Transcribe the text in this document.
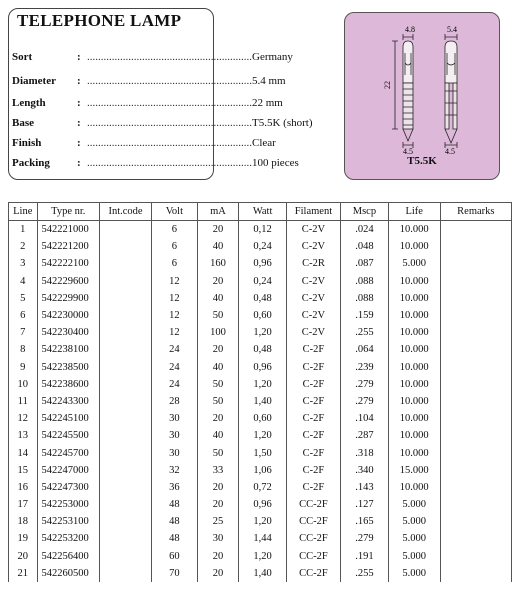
TELEPHONE LAMP
Sort	: ............................................................Germany
Diameter : ............................................................5.4 mm
Length	: ............................................................22 mm
Base	: ............................................................T5.5K (short)
Finish	: ............................................................Clear
Packing : ............................................................100 pieces
4.8	5.4
22
4.5	4.5
T5.5K
Line	Type nr.	Int.code	Volt	mA	Watt	Filament	Mscp	Life	Remarks
1	542221000		6	20	0,12	C-2V	.024	10.000	
2	542221200		6	40	0,24	C-2V	.048	10.000	
3	542222100		6	160	0,96	C-2R	.087	5.000	
4	542229600		12	20	0,24	C-2V	.088	10.000	
5	542229900		12	40	0,48	C-2V	.088	10.000	
6	542230000		12	50	0,60	C-2V	.159	10.000	
7	542230400		12	100	1,20	C-2V	.255	10.000	
8	542238100		24	20	0,48	C-2F	.064	10.000	
9	542238500		24	40	0,96	C-2F	.239	10.000	
10	542238600		24	50	1,20	C-2F	.279	10.000	
11	542243300		28	50	1,40	C-2F	.279	10.000	
12	542245100		30	20	0,60	C-2F	.104	10.000	
13	542245500		30	40	1,20	C-2F	.287	10.000	
14	542245700		30	50	1,50	C-2F	.318	10.000	
15	542247000		32	33	1,06	C-2F	.340	15.000	
16	542247300		36	20	0,72	C-2F	.143	10.000	
17	542253000		48	20	0,96	CC-2F	.127	5.000	
18	542253100		48	25	1,20	CC-2F	.165	5.000	
19	542253200		48	30	1,44	CC-2F	.279	5.000	
20	542256400		60	20	1,20	CC-2F	.191	5.000	
21	542260500		70	20	1,40	CC-2F	.255	5.000	
